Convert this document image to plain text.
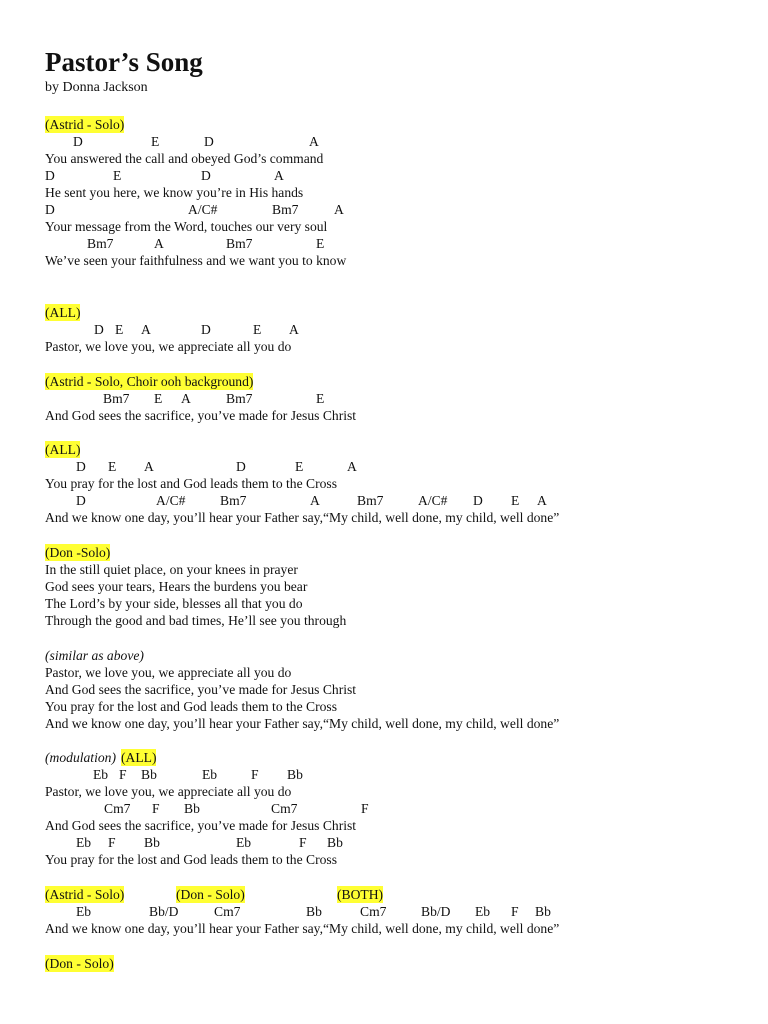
Pastor’s Song
by Donna Jackson
(Astrid - Solo)
D	E	D	A
You answered the call and obeyed God’s command
D	E	D	A
He sent you here, we know you’re in His hands
D	A/C#	Bm7	A
Your message from the Word, touches our very soul
Bm7	A	Bm7	E
We’ve seen your faithfulness and we want you to know
(ALL)
D E A	D	E A
Pastor, we love you, we appreciate all you do
(Astrid - Solo, Choir ooh background)
Bm7 E A	Bm7	E
And God sees the sacrifice, you’ve made for Jesus Christ
(ALL)
D E A	D	E	A
You pray for the lost and God leads them to the Cross
D	A/C#	Bm7	A	Bm7	A/C# D E A
And we know one day, you’ll hear your Father say,“My child, well done, my child, well done”
(Don -Solo)
In the still quiet place, on your knees in prayer
God sees your tears, Hears the burdens you bear
The Lord’s by your side, blesses all that you do
Through the good and bad times, He’ll see you through
(similar as above)
Pastor, we love you, we appreciate all you do
And God sees the sacrifice, you’ve made for Jesus Christ
You pray for the lost and God leads them to the Cross
And we know one day, you’ll hear your Father say,“My child, well done, my child, well done”
(modulation) (ALL)
Eb F Bb	Eb F Bb
Pastor, we love you, we appreciate all you do
Cm7 F Bb	Cm7	F
And God sees the sacrifice, you’ve made for Jesus Christ
Eb F Bb	Eb	F Bb
You pray for the lost and God leads them to the Cross
(Astrid - Solo)	(Don - Solo)	(BOTH)
Eb	Bb/D	Cm7	Bb	Cm7	Bb/D Eb F Bb
And we know one day, you’ll hear your Father say,“My child, well done, my child, well done”
(Don - Solo)
